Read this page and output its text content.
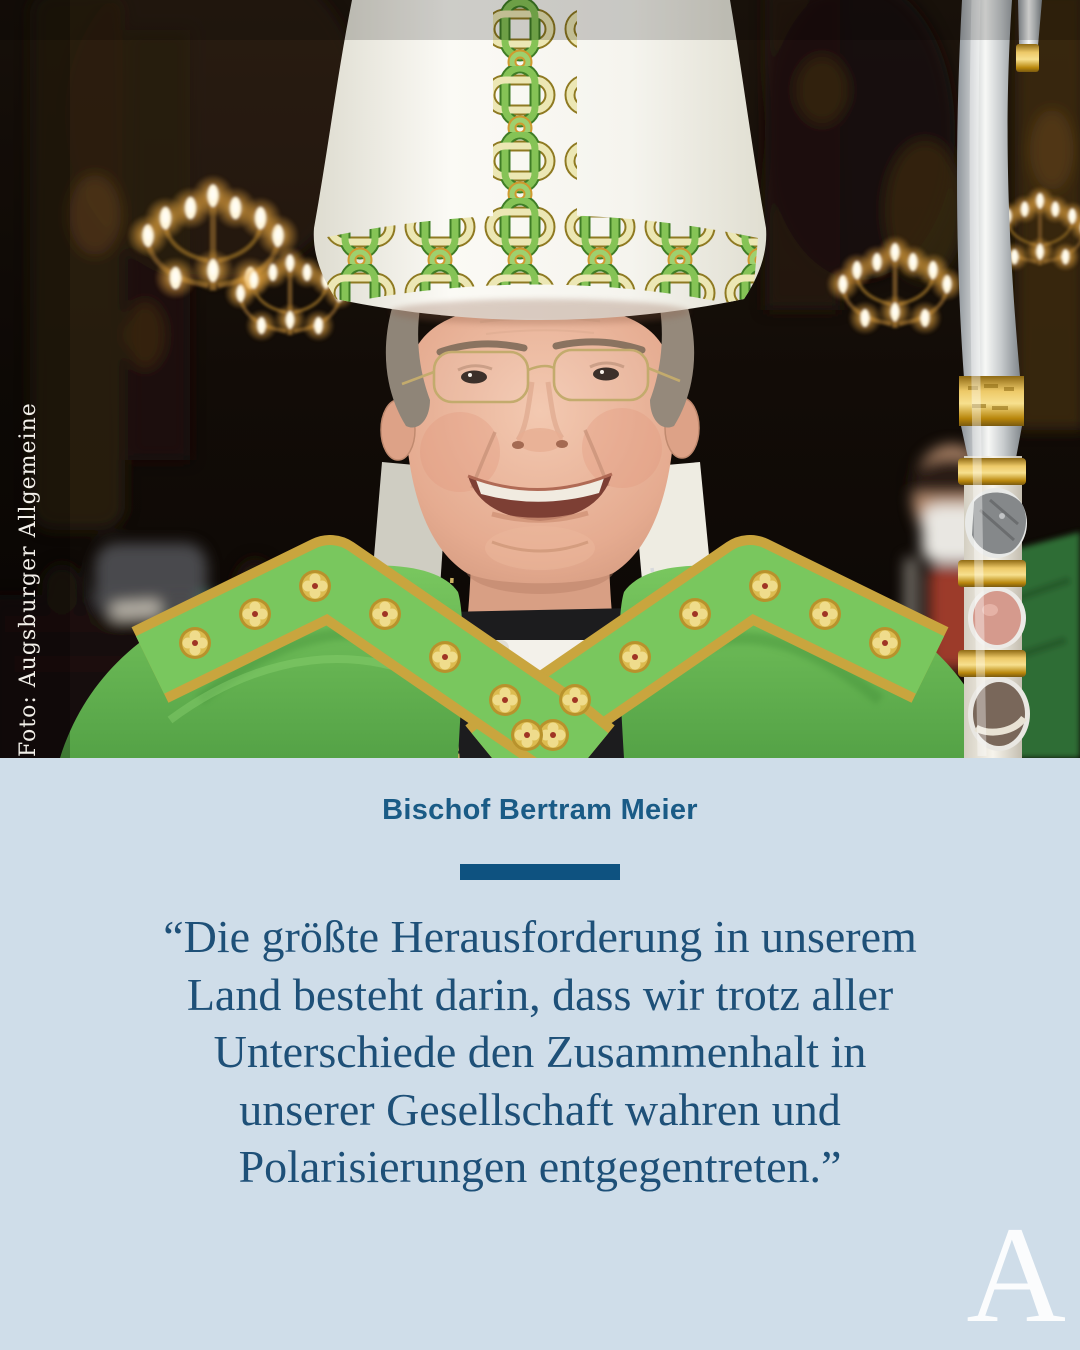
Foto: Augsburger Allgemeine
Bischof Bertram Meier
“Die größte Herausforderung in unserem
Land besteht darin, dass wir trotz aller
Unterschiede den Zusammenhalt in
unserer Gesellschaft wahren und
Polarisierungen entgegentreten.”
A
